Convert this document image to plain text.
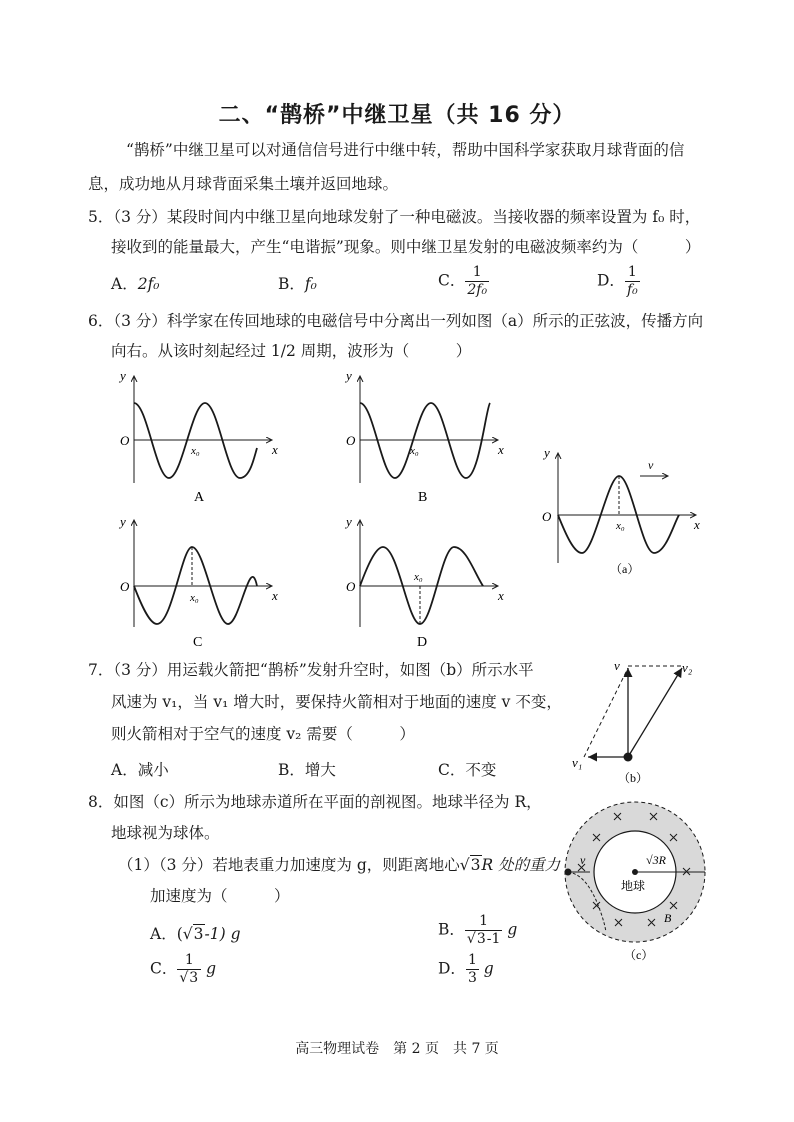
二、“鹊桥”中继卫星（共 16 分）
“鹊桥”中继卫星可以对通信信号进行中继中转，帮助中国科学家获取月球背面的信
息，成功地从月球背面采集土壤并返回地球。
5．（3 分）某段时间内中继卫星向地球发射了一种电磁波。当接收器的频率设置为 f₀ 时，
接收到的能量最大，产生“电谐振”现象。则中继卫星发射的电磁波频率约为（　　　）
A．2f₀	B．f₀	C． $\frac{1}{\text{2f₀}}$	D． $\frac{1}{\text{f₀}}$
6．（3 分）科学家在传回地球的电磁信号中分离出一列如图（a）所示的正弦波，传播方向
向右。从该时刻起经过 1/2 周期，波形为（　　　）
y
O
x₀	x
A
y
O
x₀	x
B
y
O
x₀	x
C
y
O
x₀
x
D
v
y
O
x₀	x
（a）
7．（3 分）用运载火箭把“鹊桥”发射升空时，如图（b）所示水平
风速为 v₁，当 v₁ 增大时，要保持火箭相对于地面的速度 v 不变，
则火箭相对于空气的速度 v₂ 需要（　　　）
A．减小	B．增大	C．不变
v	v₂
v₁
（b）
8．如图（c）所示为地球赤道所在平面的剖视图。地球半径为 R，
地球视为球体。
（1）（3 分）若地表重力加速度为 g，则距离地心√3R 处的重力
加速度为（　　　）
A．(√3-1) g	B． $\frac{1}{√3-1}$ g
C． $\frac{1}{√3}$ g	D． $\frac{1}{3}$ g
v	√3R
地球
B
（c）
高三物理试卷　第 2 页　共 7 页
